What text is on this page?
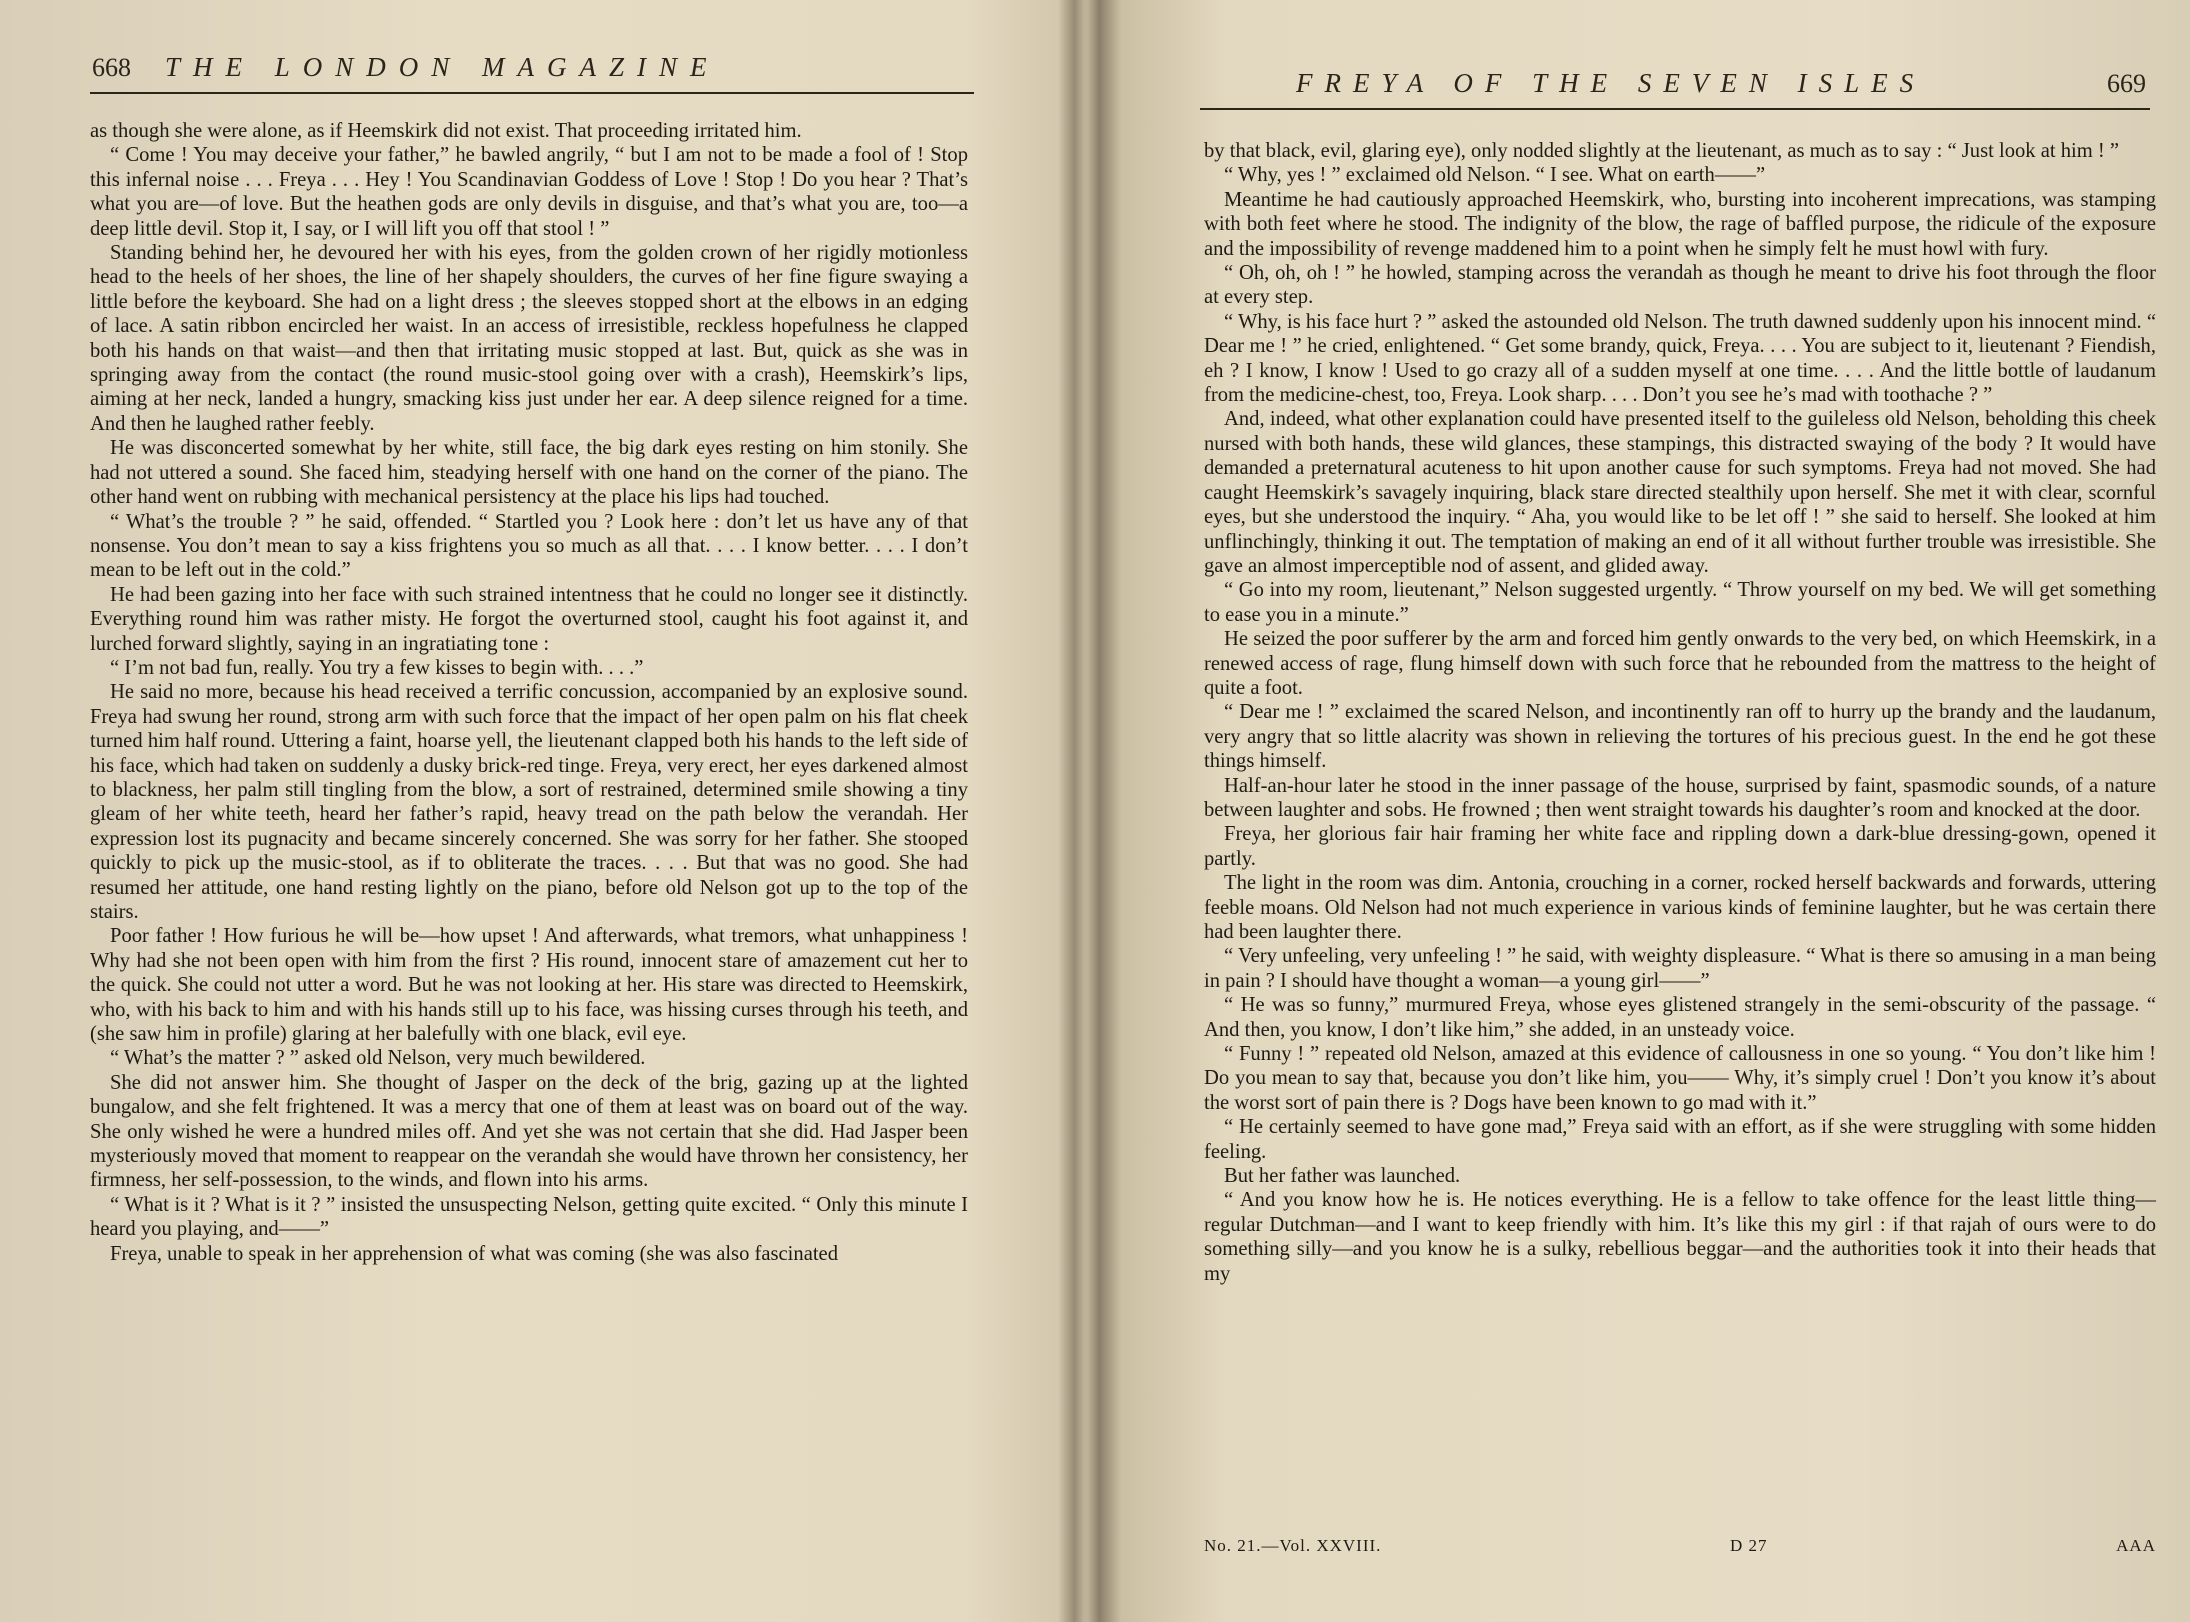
668 THE LONDON MAGAZINE

as though she were alone, as if Heemskirk did not exist. That proceeding irritated him.

“ Come ! You may deceive your father,” he bawled angrily, “ but I am not to be made a fool of ! Stop this infernal noise . . . Freya . . . Hey ! You Scandinavian Goddess of Love ! Stop ! Do you hear ? That’s what you are—of love. But the heathen gods are only devils in disguise, and that’s what you are, too—a deep little devil. Stop it, I say, or I will lift you off that stool ! ”

Standing behind her, he devoured her with his eyes, from the golden crown of her rigidly motionless head to the heels of her shoes, the line of her shapely shoulders, the curves of her fine figure swaying a little before the keyboard. She had on a light dress ; the sleeves stopped short at the elbows in an edging of lace. A satin ribbon encircled her waist. In an access of irresistible, reckless hopefulness he clapped both his hands on that waist—and then that irritating music stopped at last. But, quick as she was in springing away from the contact (the round music-stool going over with a crash), Heemskirk’s lips, aiming at her neck, landed a hungry, smacking kiss just under her ear. A deep silence reigned for a time. And then he laughed rather feebly.

He was disconcerted somewhat by her white, still face, the big dark eyes resting on him stonily. She had not uttered a sound. She faced him, steadying herself with one hand on the corner of the piano. The other hand went on rubbing with mechanical persistency at the place his lips had touched.

“ What’s the trouble ? ” he said, offended. “ Startled you ? Look here : don’t let us have any of that nonsense. You don’t mean to say a kiss frightens you so much as all that. . . . I know better. . . . I don’t mean to be left out in the cold.”

He had been gazing into her face with such strained intentness that he could no longer see it distinctly. Everything round him was rather misty. He forgot the overturned stool, caught his foot against it, and lurched forward slightly, saying in an ingratiating tone :

“ I’m not bad fun, really. You try a few kisses to begin with. . . .”

He said no more, because his head received a terrific concussion, accompanied by an explosive sound. Freya had swung her round, strong arm with such force that the impact of her open palm on his flat cheek turned him half round. Uttering a faint, hoarse yell, the lieutenant clapped both his hands to the left side of his face, which had taken on suddenly a dusky brick-red tinge. Freya, very erect, her eyes darkened almost to blackness, her palm still tingling from the blow, a sort of restrained, determined smile showing a tiny gleam of her white teeth, heard her father’s rapid, heavy tread on the path below the verandah. Her expression lost its pugnacity and became sincerely concerned. She was sorry for her father. She stooped quickly to pick up the music-stool, as if to obliterate the traces. . . . But that was no good. She had resumed her attitude, one hand resting lightly on the piano, before old Nelson got up to the top of the stairs.

Poor father ! How furious he will be—how upset ! And afterwards, what tremors, what unhappiness ! Why had she not been open with him from the first ? His round, innocent stare of amazement cut her to the quick. She could not utter a word. But he was not looking at her. His stare was directed to Heemskirk, who, with his back to him and with his hands still up to his face, was hissing curses through his teeth, and (she saw him in profile) glaring at her balefully with one black, evil eye.

“ What’s the matter ? ” asked old Nelson, very much bewildered.

She did not answer him. She thought of Jasper on the deck of the brig, gazing up at the lighted bungalow, and she felt frightened. It was a mercy that one of them at least was on board out of the way. She only wished he were a hundred miles off. And yet she was not certain that she did. Had Jasper been mysteriously moved that moment to reappear on the verandah she would have thrown her consistency, her firmness, her self-possession, to the winds, and flown into his arms.

“ What is it ? What is it ? ” insisted the unsuspecting Nelson, getting quite excited. “ Only this minute I heard you playing, and——”

Freya, unable to speak in her apprehension of what was coming (she was also fascinated

FREYA OF THE SEVEN ISLES	669

by that black, evil, glaring eye), only nodded slightly at the lieutenant, as much as to say : “ Just look at him ! ”

“ Why, yes ! ” exclaimed old Nelson. “ I see. What on earth——”

Meantime he had cautiously approached Heemskirk, who, bursting into incoherent imprecations, was stamping with both feet where he stood. The indignity of the blow, the rage of baffled purpose, the ridicule of the exposure and the impossibility of revenge maddened him to a point when he simply felt he must howl with fury.

“ Oh, oh, oh ! ” he howled, stamping across the verandah as though he meant to drive his foot through the floor at every step.

“ Why, is his face hurt ? ” asked the astounded old Nelson. The truth dawned suddenly upon his innocent mind. “ Dear me ! ” he cried, enlightened. “ Get some brandy, quick, Freya. . . . You are subject to it, lieutenant ? Fiendish, eh ? I know, I know ! Used to go crazy all of a sudden myself at one time. . . . And the little bottle of laudanum from the medicine-chest, too, Freya. Look sharp. . . . Don’t you see he’s mad with toothache ? ”

And, indeed, what other explanation could have presented itself to the guileless old Nelson, beholding this cheek nursed with both hands, these wild glances, these stampings, this distracted swaying of the body ? It would have demanded a preternatural acuteness to hit upon another cause for such symptoms. Freya had not moved. She had caught Heemskirk’s savagely inquiring, black stare directed stealthily upon herself. She met it with clear, scornful eyes, but she understood the inquiry. “ Aha, you would like to be let off ! ” she said to herself. She looked at him unflinchingly, thinking it out. The temptation of making an end of it all without further trouble was irresistible. She gave an almost imperceptible nod of assent, and glided away.

“ Go into my room, lieutenant,” Nelson suggested urgently. “ Throw yourself on my bed. We will get something to ease you in a minute.”

He seized the poor sufferer by the arm and forced him gently onwards to the very bed, on which Heemskirk, in a renewed access of rage, flung himself down with such force that he rebounded from the mattress to the height of quite a foot.

“ Dear me ! ” exclaimed the scared Nelson, and incontinently ran off to hurry up the brandy and the laudanum, very angry that so little alacrity was shown in relieving the tortures of his precious guest. In the end he got these things himself.

Half-an-hour later he stood in the inner passage of the house, surprised by faint, spasmodic sounds, of a nature between laughter and sobs. He frowned ; then went straight towards his daughter’s room and knocked at the door.

Freya, her glorious fair hair framing her white face and rippling down a dark-blue dressing-gown, opened it partly.

The light in the room was dim. Antonia, crouching in a corner, rocked herself backwards and forwards, uttering feeble moans. Old Nelson had not much experience in various kinds of feminine laughter, but he was certain there had been laughter there.

“ Very unfeeling, very unfeeling ! ” he said, with weighty displeasure. “ What is there so amusing in a man being in pain ? I should have thought a woman—a young girl——”

“ He was so funny,” murmured Freya, whose eyes glistened strangely in the semi-obscurity of the passage. “ And then, you know, I don’t like him,” she added, in an unsteady voice.

“ Funny ! ” repeated old Nelson, amazed at this evidence of callousness in one so young. “ You don’t like him ! Do you mean to say that, because you don’t like him, you—— Why, it’s simply cruel ! Don’t you know it’s about the worst sort of pain there is ? Dogs have been known to go mad with it.”

“ He certainly seemed to have gone mad,” Freya said with an effort, as if she were struggling with some hidden feeling.

But her father was launched.

“ And you know how he is. He notices everything. He is a fellow to take offence for the least little thing—regular Dutchman—and I want to keep friendly with him. It’s like this my girl : if that rajah of ours were to do something silly—and you know he is a sulky, rebellious beggar—and the authorities took it into their heads that my

No. 21.—Vol. XXVIII.	D 27	AAA
